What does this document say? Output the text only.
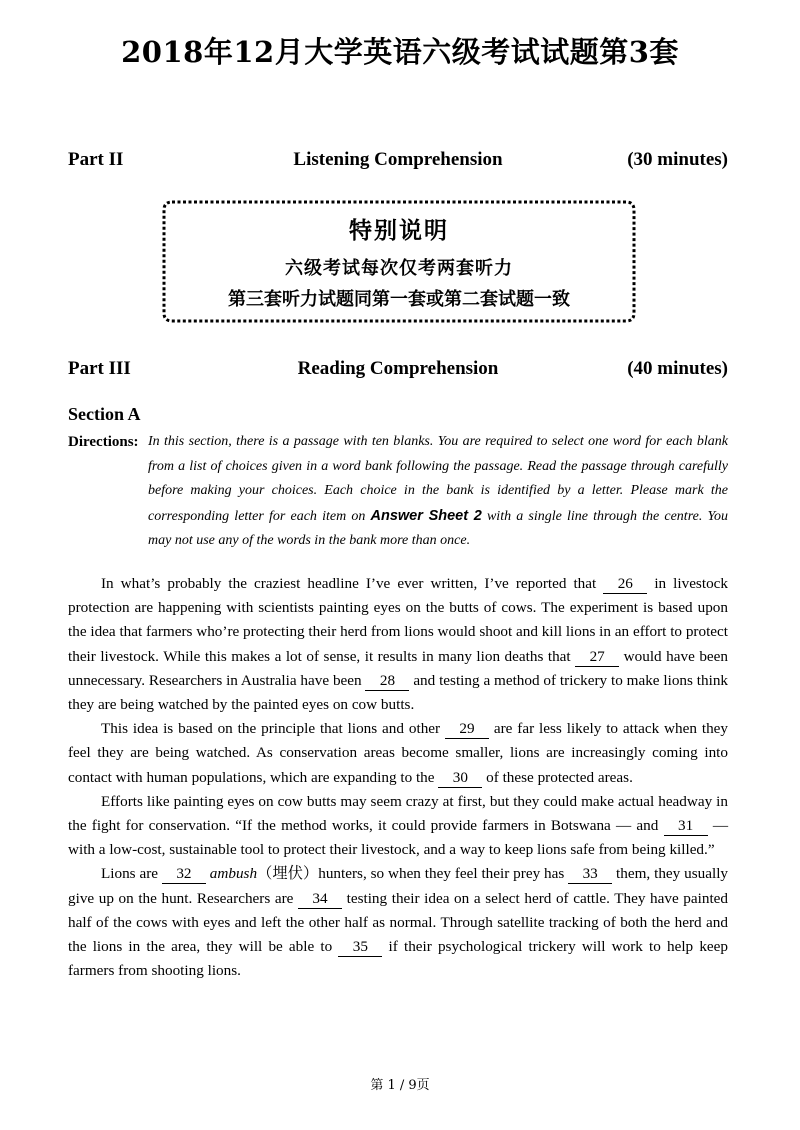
2018年12月大学英语六级考试试题第3套
Listening Comprehension
Part II	(30 minutes)
特别说明
六级考试每次仅考两套听力
第三套听力试题同第一套或第二套试题一致
Reading Comprehension
Part III	(40 minutes)
Section A
Directions: In this section, there is a passage with ten blanks. You are required to select one word for each blank from a list of choices given in a word bank following the passage. Read the passage through carefully before making your choices. Each choice in the bank is identified by a letter. Please mark the corresponding letter for each item on Answer Sheet 2 with a single line through the centre. You may not use any of the words in the bank more than once.

In what’s probably the craziest headline I’ve ever written, I’ve reported that 26 in livestock protection are happening with scientists painting eyes on the butts of cows. The experiment is based upon the idea that farmers who’re protecting their herd from lions would shoot and kill lions in an effort to protect their livestock. While this makes a lot of sense, it results in many lion deaths that 27 would have been unnecessary. Researchers in Australia have been 28 and testing a method of trickery to make lions think they are being watched by the painted eyes on cow butts.

This idea is based on the principle that lions and other 29 are far less likely to attack when they feel they are being watched. As conservation areas become smaller, lions are increasingly coming into contact with human populations, which are expanding to the 30 of these protected areas.

Efforts like painting eyes on cow butts may seem crazy at first, but they could make actual headway in the fight for conservation. “If the method works, it could provide farmers in Botswana — and 31 — with a low-cost, sustainable tool to protect their livestock, and a way to keep lions safe from being killed.”

Lions are 32 ambush（埋伏）hunters, so when they feel their prey has 33 them, they usually give up on the hunt. Researchers are 34 testing their idea on a select herd of cattle. They have painted half of the cows with eyes and left the other half as normal. Through satellite tracking of both the herd and the lions in the area, they will be able to 35 if their psychological trickery will work to help keep farmers from shooting lions.

第 1 / 9页
